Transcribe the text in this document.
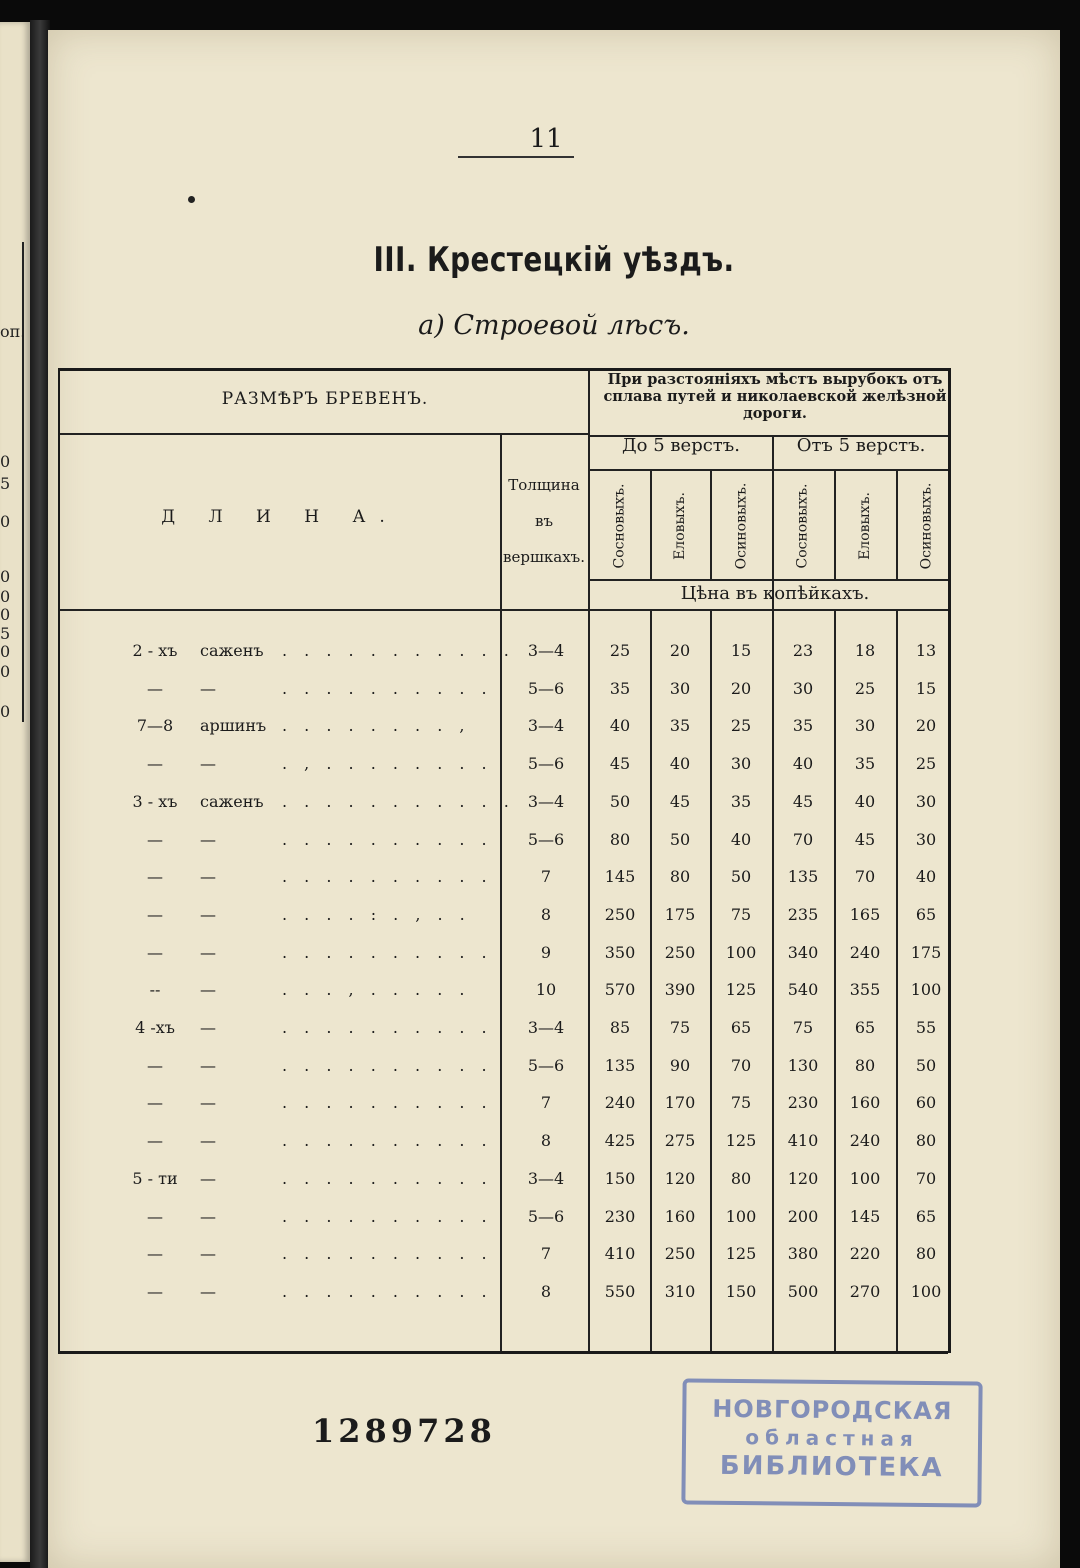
оп.
0
5
0
0
0
0
5
0
0
0
11
III. Крестецкій уѣздъ.
а) Строевой лѣсъ.
РАЗМѢРЪ БРЕВЕНЪ.
При разстояніяхъ мѣстъ вырубокъ отъ сплава путей и николаевской желѣзной дороги.
Д Л И Н А.
Толщина
въ
вершкахъ.
До 5 верстъ.	Отъ 5 верстъ.
Сосновыхъ.	Еловыхъ.	Осиновыхъ.	Сосновыхъ.	Еловыхъ.	Осиновыхъ.
Цѣна въ копѣйкахъ.
2 - хъ	саженъ	. . . . . . . . . . . 3—4	25	20	15	23	18	13
—	—	. . . . . . . . . .	5—6	35	30	20	30	25	15
7—8	аршинъ . . . . . . . . ,	3—4	40	35	25	35	30	20
—	—	. , . . . . . . . .	5—6	45	40	30	40	35	25
3 - хъ	саженъ	. . . . . . . . . . . 3—4	50	45	35	45	40	30
—	—	. . . . . . . . . .	5—6	80	50	40	70	45	30
—	—	. . . . . . . . . .	7	145	80	50	135	70	40
—	—	. . . . : . , . .	8	250	175	75	235	165	65
—	—	. . . . . . . . . .	9	350	250	100	340	240	175
--	—	. . . , . . . . .	10	570	390	125	540	355	100
4 -хъ	—	. . . . . . . . . .	3—4	85	75	65	75	65	55
—	—	. . . . . . . . . .	5—6	135	90	70	130	80	50
—	—	. . . . . . . . . .	7	240	170	75	230	160	60
—	—	. . . . . . . . . .	8	425	275	125	410	240	80
5 - ти	—	. . . . . . . . . .	3—4	150	120	80	120	100	70
—	—	. . . . . . . . . .	5—6	230	160	100	200	145	65
—	—	. . . . . . . . . .	7	410	250	125	380	220	80
—	—	. . . . . . . . . .	8	550	310	150	500	270	100
1289728
НОВГОРОДСКАЯ
областная
БИБЛИОТЕКА
